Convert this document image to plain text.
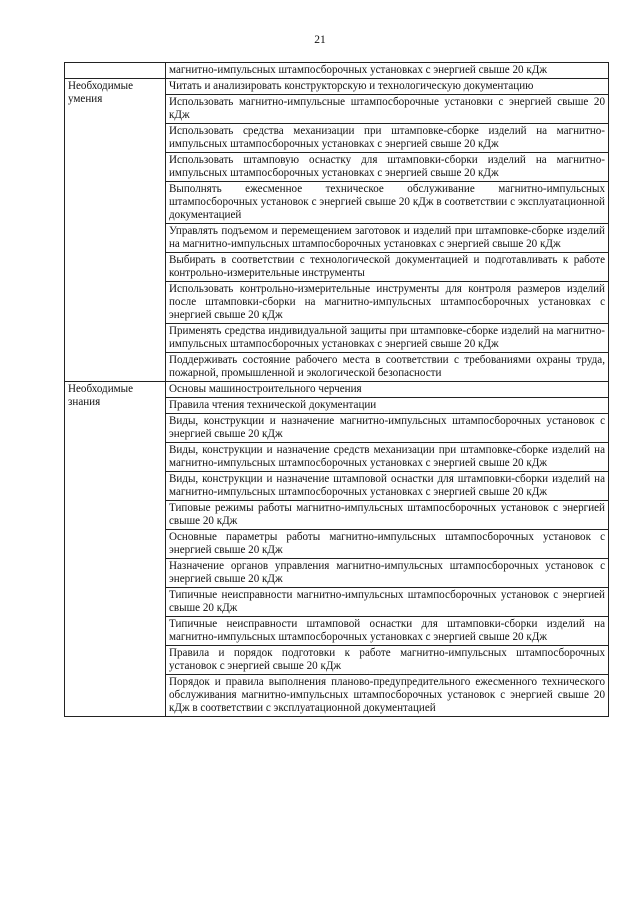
21
	магнитно-импульсных штампосборочных установках с энергией свыше 20 кДж
Необходимые умения	Читать и анализировать конструкторскую и технологическую документацию
	Использовать магнитно-импульсные штампосборочные установки с энергией свыше 20 кДж
	Использовать средства механизации при штамповке-сборке изделий на магнитно-импульсных штампосборочных установках с энергией свыше 20 кДж
	Использовать штамповую оснастку для штамповки-сборки изделий на магнитно-импульсных штампосборочных установках с энергией свыше 20 кДж
	Выполнять ежесменное техническое обслуживание магнитно-импульсных штампосборочных установок с энергией свыше 20 кДж в соответствии с эксплуатационной документацией
	Управлять подъемом и перемещением заготовок и изделий при штамповке-сборке изделий на магнитно-импульсных штампосборочных установках с энергией свыше 20 кДж
	Выбирать в соответствии с технологической документацией и подготавливать к работе контрольно-измерительные инструменты
	Использовать контрольно-измерительные инструменты для контроля размеров изделий после штамповки-сборки на магнитно-импульсных штампосборочных установках с энергией свыше 20 кДж
	Применять средства индивидуальной защиты при штамповке-сборке изделий на магнитно-импульсных штампосборочных установках с энергией свыше 20 кДж
	Поддерживать состояние рабочего места в соответствии с требованиями охраны труда, пожарной, промышленной и экологической безопасности
Необходимые знания	Основы машиностроительного черчения
	Правила чтения технической документации
	Виды, конструкции и назначение магнитно-импульсных штампосборочных установок с энергией свыше 20 кДж
	Виды, конструкции и назначение средств механизации при штамповке-сборке изделий на магнитно-импульсных штампосборочных установках с энергией свыше 20 кДж
	Виды, конструкции и назначение штамповой оснастки для штамповки-сборки изделий на магнитно-импульсных штампосборочных установках с энергией свыше 20 кДж
	Типовые режимы работы магнитно-импульсных штампосборочных установок с энергией свыше 20 кДж
	Основные параметры работы магнитно-импульсных штампосборочных установок с энергией свыше 20 кДж
	Назначение органов управления магнитно-импульсных штампосборочных установок с энергией свыше 20 кДж
	Типичные неисправности магнитно-импульсных штампосборочных установок с энергией свыше 20 кДж
	Типичные неисправности штамповой оснастки для штамповки-сборки изделий на магнитно-импульсных штампосборочных установках с энергией свыше 20 кДж
	Правила и порядок подготовки к работе магнитно-импульсных штампосборочных установок с энергией свыше 20 кДж
	Порядок и правила выполнения планово-предупредительного ежесменного технического обслуживания магнитно-импульсных штампосборочных установок с энергией свыше 20 кДж в соответствии с эксплуатационной документацией
